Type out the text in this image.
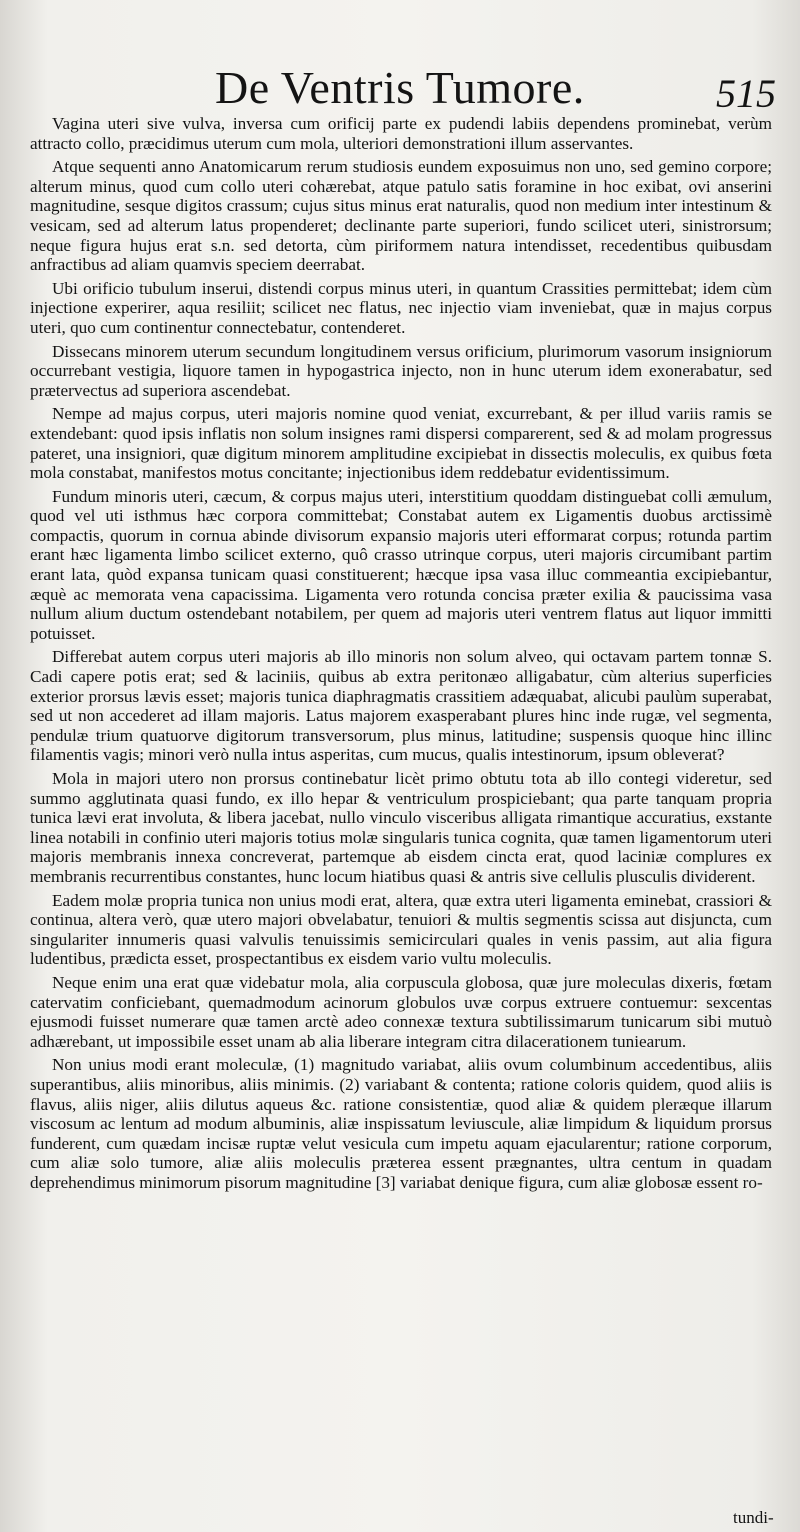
De Ventris Tumore.	515

Vagina uteri sive vulva, inversa cum orificij parte ex pudendi labiis dependens prominebat, verùm attracto collo, præcidimus uterum cum mola, ulteriori demonstrationi illum asservantes.

Atque sequenti anno Anatomicarum rerum studiosis eundem exposuimus non uno, sed gemino corpore; alterum minus, quod cum collo uteri cohærebat, atque patulo satis foramine in hoc exibat, ovi anserini magnitudine, sesque digitos crassum; cujus situs minus erat naturalis, quod non medium inter intestinum & vesicam, sed ad alterum latus propenderet; declinante parte superiori, fundo scilicet uteri, sinistrorsum; neque figura hujus erat s.n. sed detorta, cùm piriformem natura intendisset, recedentibus quibusdam anfractibus ad aliam quamvis speciem deerrabat.

Ubi orificio tubulum inserui, distendi corpus minus uteri, in quantum Crassities permittebat; idem cùm injectione experirer, aqua resiliit; scilicet nec flatus, nec injectio viam inveniebat, quæ in majus corpus uteri, quo cum continentur connectebatur, contenderet.

Dissecans minorem uterum secundum longitudinem versus orificium, plurimorum vasorum insigniorum occurrebant vestigia, liquore tamen in hypogastrica injecto, non in hunc uterum idem exonerabatur, sed prætervectus ad superiora ascendebat.

Nempe ad majus corpus, uteri majoris nomine quod veniat, excurrebant, & per illud variis ramis se extendebant: quod ipsis inflatis non solum insignes rami dispersi comparerent, sed & ad molam progressus pateret, una insigniori, quæ digitum minorem amplitudine excipiebat in dissectis moleculis, ex quibus fœta mola constabat, manifestos motus concitante; injectionibus idem reddebatur evidentissimum.

Fundum minoris uteri, cæcum, & corpus majus uteri, interstitium quoddam distinguebat colli æmulum, quod vel uti isthmus hæc corpora committebat; Constabat autem ex Ligamentis duobus arctissimè compactis, quorum in cornua abinde divisorum expansio majoris uteri efformarat corpus; rotunda partim erant hæc ligamenta limbo scilicet externo, quô crasso utrinque corpus, uteri majoris circumibant partim erant lata, quòd expansa tunicam quasi constituerent; hæcque ipsa vasa illuc commeantia excipiebantur, æquè ac memorata vena capacissima. Ligamenta vero rotunda concisa præter exilia & paucissima vasa nullum alium ductum ostendebant notabilem, per quem ad majoris uteri ventrem flatus aut liquor immitti potuisset.

Differebat autem corpus uteri majoris ab illo minoris non solum alveo, qui octavam partem tonnæ S. Cadi capere potis erat; sed & laciniis, quibus ab extra peritonæo alligabatur, cùm alterius superficies exterior prorsus lævis esset; majoris tunica diaphragmatis crassitiem adæquabat, alicubi paulùm superabat, sed ut non accederet ad illam majoris. Latus majorem exasperabant plures hinc inde rugæ, vel segmenta, pendulæ trium quatuorve digitorum transversorum, plus minus, latitudine; suspensis quoque hinc illinc filamentis vagis; minori verò nulla intus asperitas, cum mucus, qualis intestinorum, ipsum obleverat?

Mola in majori utero non prorsus continebatur licèt primo obtutu tota ab illo contegi videretur, sed summo agglutinata quasi fundo, ex illo hepar & ventriculum prospiciebant; qua parte tanquam propria tunica lævi erat involuta, & libera jacebat, nullo vinculo visceribus alligata rimantique accuratius, exstante linea notabili in confinio uteri majoris totius molæ singularis tunica cognita, quæ tamen ligamentorum uteri majoris membranis innexa concreverat, partemque ab eisdem cincta erat, quod laciniæ complures ex membranis recurrentibus constantes, hunc locum hiatibus quasi & antris sive cellulis plusculis dividerent.

Eadem molæ propria tunica non unius modi erat, altera, quæ extra uteri ligamenta eminebat, crassiori & continua, altera verò, quæ utero majori obvelabatur, tenuiori & multis segmentis scissa aut disjuncta, cum singulariter innumeris quasi valvulis tenuissimis semicirculari quales in venis passim, aut alia figura ludentibus, prædicta esset, prospectantibus ex eisdem vario vultu moleculis.

Neque enim una erat quæ videbatur mola, alia corpuscula globosa, quæ jure moleculas dixeris, fœtam catervatim conficiebant, quemadmodum acinorum globulos uvæ corpus extruere contuemur: sexcentas ejusmodi fuisset numerare quæ tamen arctè adeo connexæ textura subtilissimarum tunicarum sibi mutuò adhærebant, ut impossibile esset unam ab alia liberare integram citra dilacerationem tuniearum.

Non unius modi erant moleculæ, (1) magnitudo variabat, aliis ovum columbinum accedentibus, aliis superantibus, aliis minoribus, aliis minimis. (2) variabant & contenta; ratione coloris quidem, quod aliis is flavus, aliis niger, aliis dilutus aqueus &c. ratione consistentiæ, quod aliæ & quidem pleræque illarum viscosum ac lentum ad modum albuminis, aliæ inspissatum leviuscule, aliæ limpidum & liquidum prorsus funderent, cum quædam incisæ ruptæ velut vesicula cum impetu aquam ejacularentur; ratione corporum, cum aliæ solo tumore, aliæ aliis moleculis præterea essent prægnantes, ultra centum in quadam deprehendimus minimorum pisorum magnitudine [3] variabat denique figura, cum aliæ globosæ essent ro-

tundi-
